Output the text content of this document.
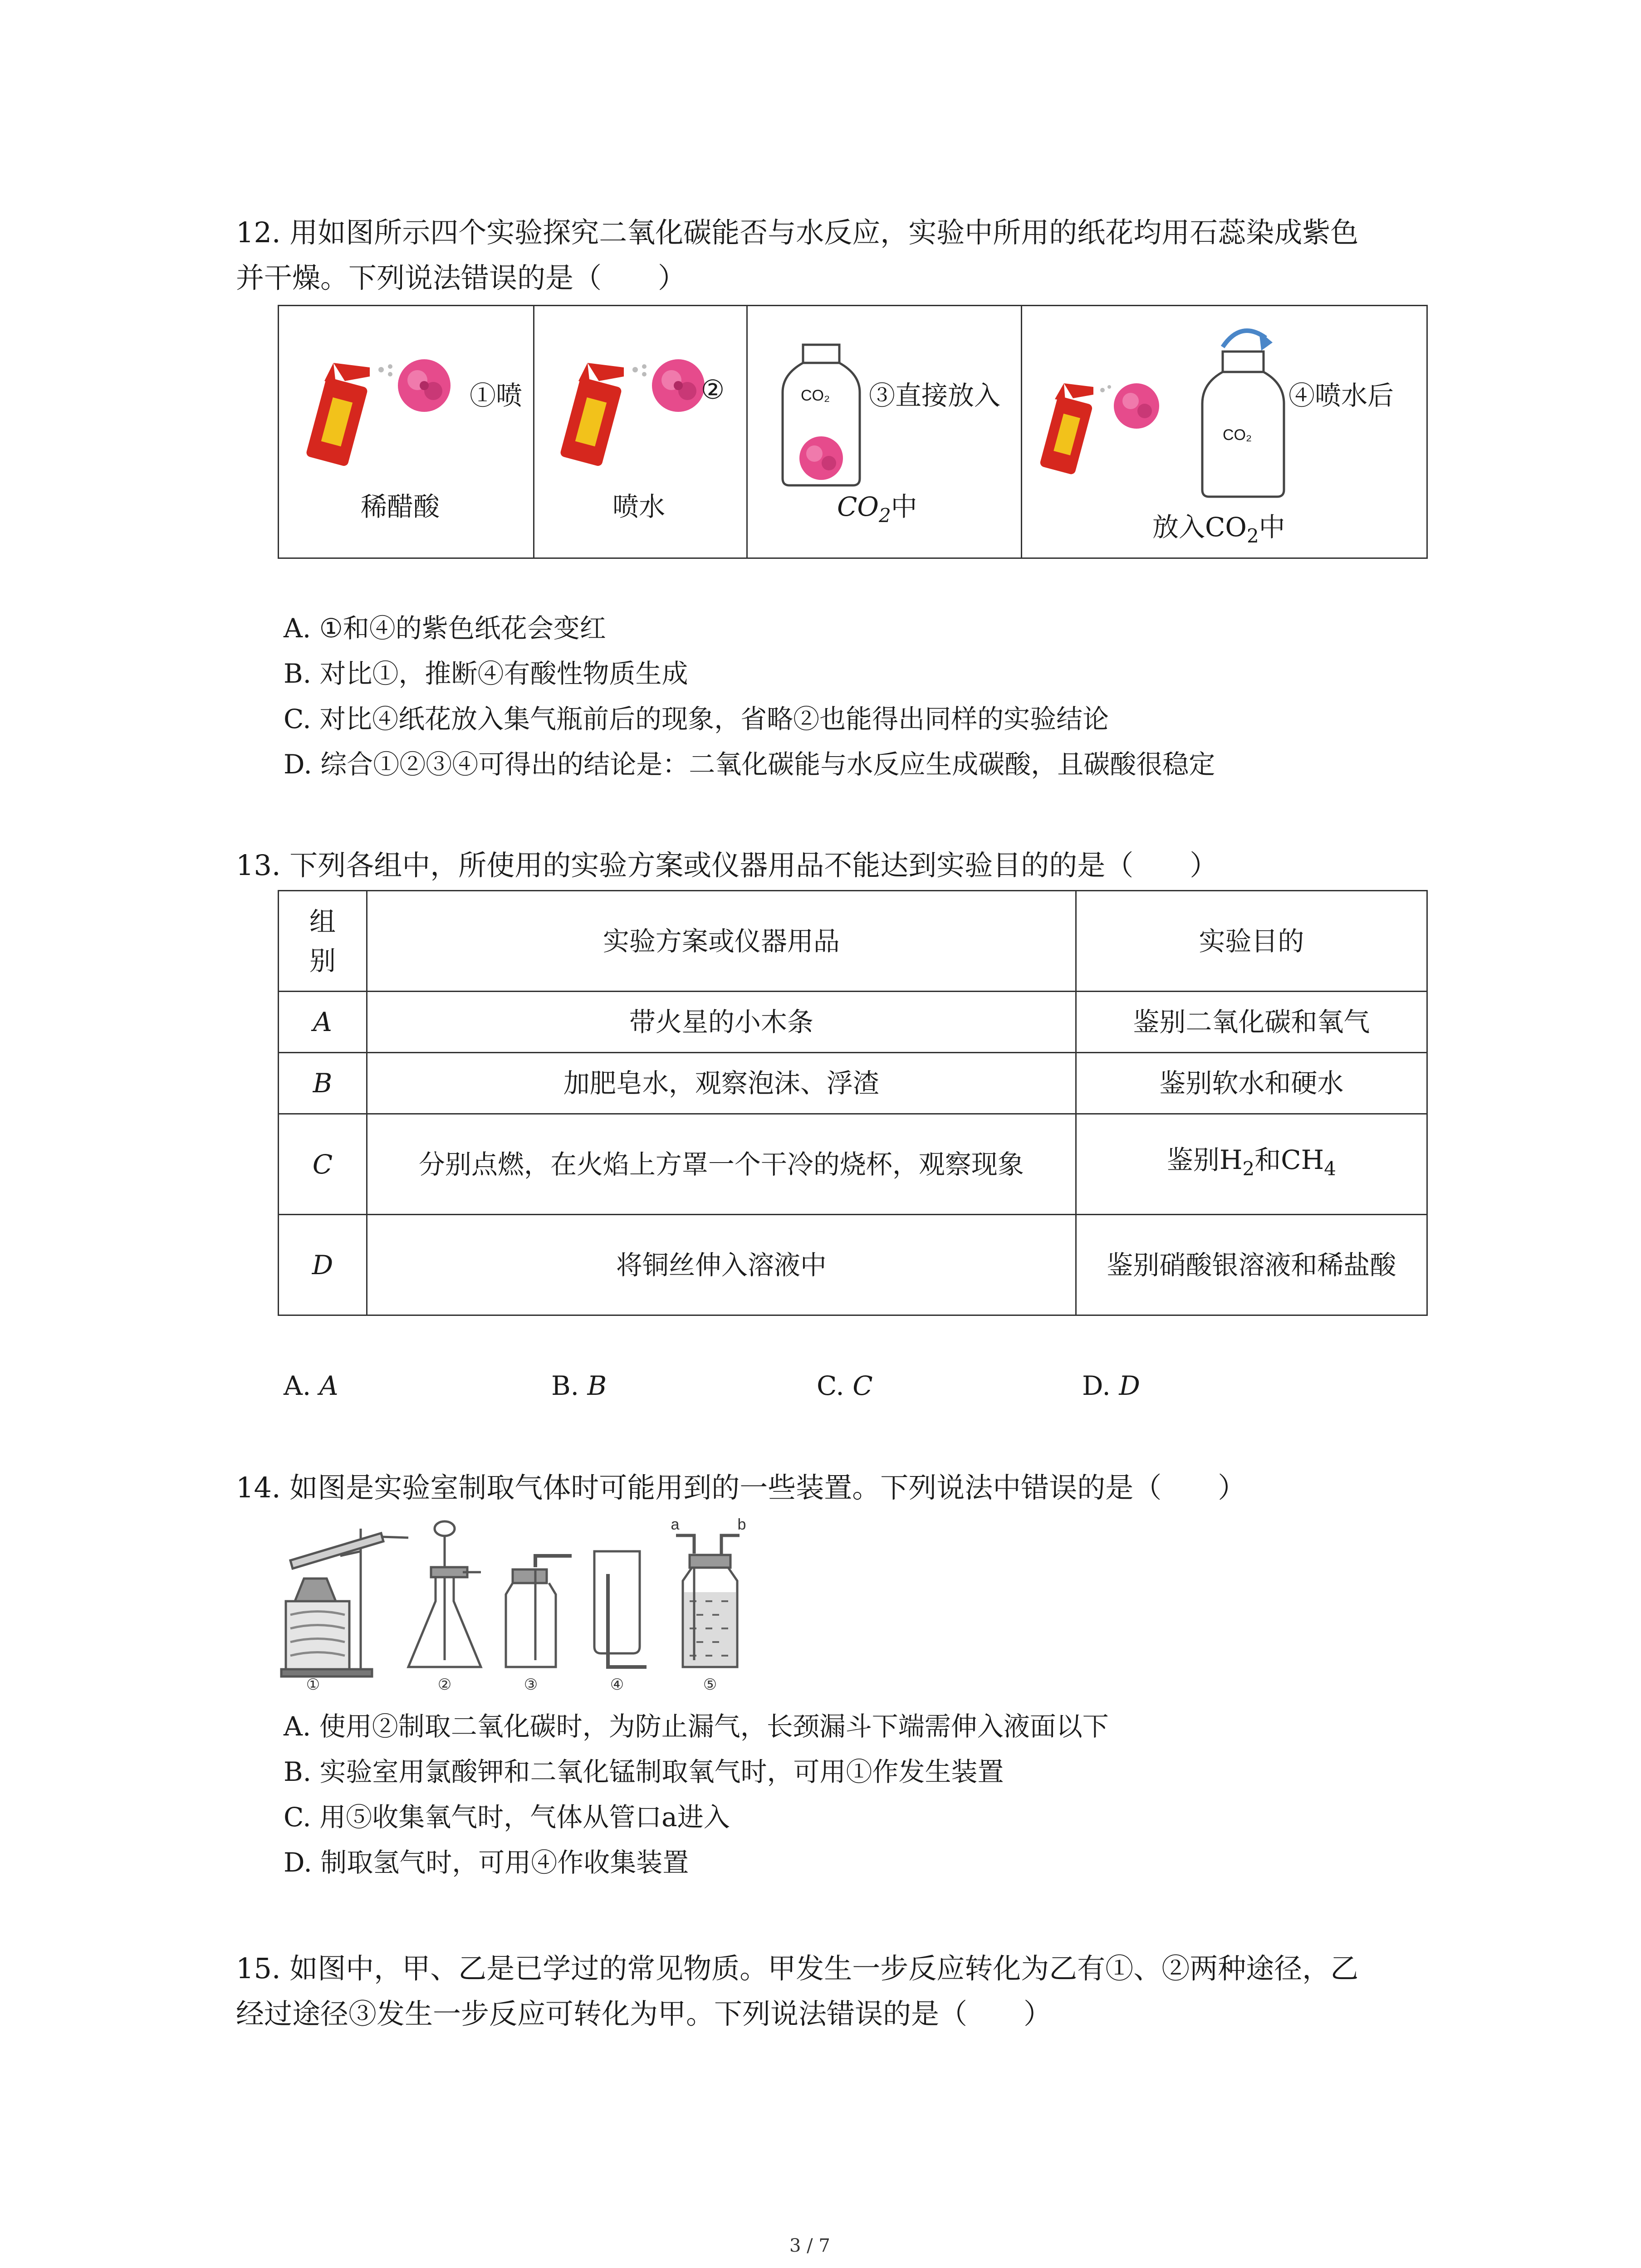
12. 用如图所示四个实验探究二氧化碳能否与水反应，实验中所用的纸花均用石蕊染成紫色
并干燥。下列说法错误的是（　　）
①喷
稀醋酸
②
喷水
CO₂ ③直接放入
$CO_2$中
CO₂
④喷水后
放入$CO_2$中
A. ①和④的紫色纸花会变红
B. 对比①，推断④有酸性物质生成
C. 对比④纸花放入集气瓶前后的现象，省略②也能得出同样的实验结论
D. 综合①②③④可得出的结论是：二氧化碳能与水反应生成碳酸，且碳酸很稳定
13. 下列各组中，所使用的实验方案或仪器用品不能达到实验目的的是（　　）
组别	实验方案或仪器用品	实验目的
A	带火星的小木条	鉴别二氧化碳和氧气
B	加肥皂水，观察泡沫、浮渣	鉴别软水和硬水
C	分别点燃，在火焰上方罩一个干冷的烧杯，观察现象	鉴别$H_2$和$CH_4$
D	将铜丝伸入溶液中	鉴别硝酸银溶液和稀盐酸
A. A	B. B	C. C	D. D
14. 如图是实验室制取气体时可能用到的一些装置。下列说法中错误的是（　　）
①	②	③	④	⑤
a	b
A. 使用②制取二氧化碳时，为防止漏气，长颈漏斗下端需伸入液面以下
B. 实验室用氯酸钾和二氧化锰制取氧气时，可用①作发生装置
C. 用⑤收集氧气时，气体从管口a进入
D. 制取氢气时，可用④作收集装置
15. 如图中，甲、乙是已学过的常见物质。甲发生一步反应转化为乙有①、②两种途径，乙
经过途径③发生一步反应可转化为甲。下列说法错误的是（　　）
3 / 7
